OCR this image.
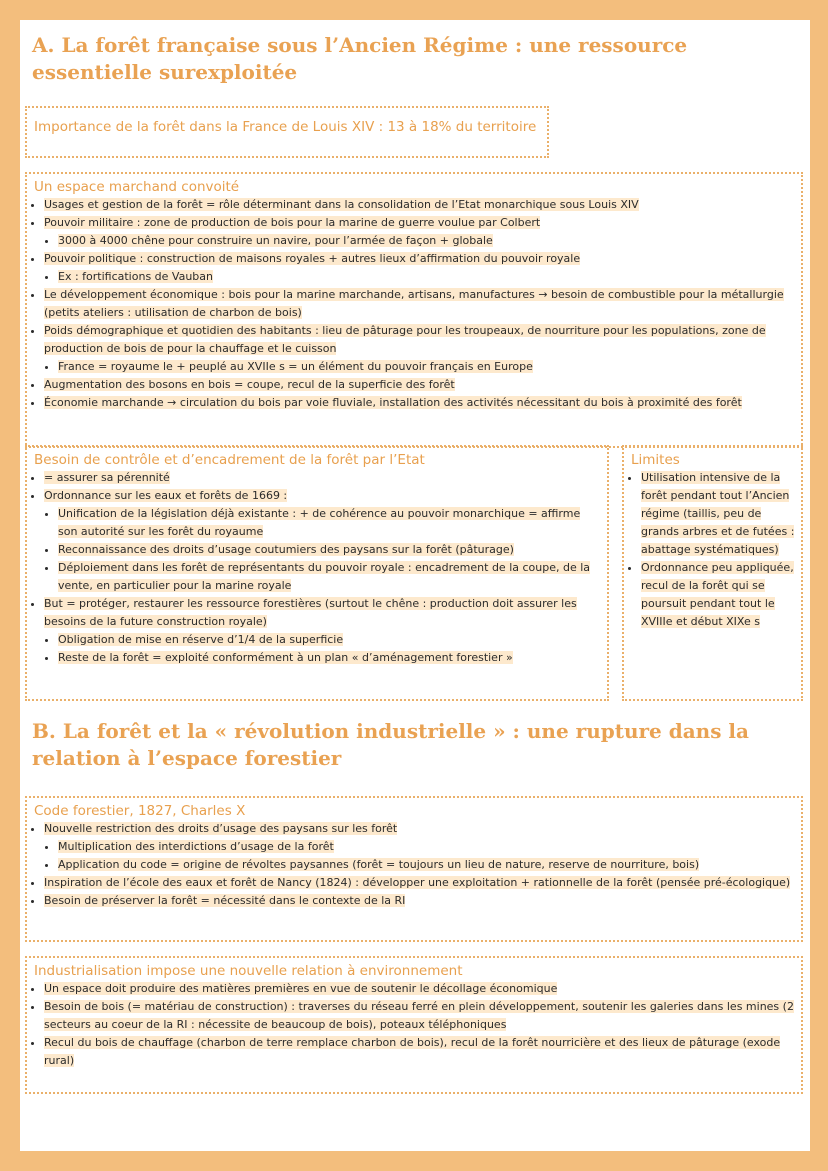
A. La forêt française sous l’Ancien Régime : une ressource essentielle surexploitée
Importance de la forêt dans la France de Louis XIV : 13 à 18% du territoire
Un espace marchand convoité
• Usages et gestion de la forêt = rôle déterminant dans la consolidation de l’Etat monarchique sous Louis XIV
• Pouvoir militaire : zone de production de bois pour la marine de guerre voulue par Colbert
• 3000 à 4000 chêne pour construire un navire, pour l’armée de façon + globale
• Pouvoir politique : construction de maisons royales + autres lieux d’affirmation du pouvoir royale
• Ex : fortifications de Vauban
• Le développement économique : bois pour la marine marchande, artisans, manufactures → besoin de combustible pour la métallurgie (petits ateliers : utilisation de charbon de bois)
• Poids démographique et quotidien des habitants : lieu de pâturage pour les troupeaux, de nourriture pour les populations, zone de production de bois de pour la chauffage et le cuisson
• France = royaume le + peuplé au XVIIe s = un élément du pouvoir français en Europe
• Augmentation des bosons en bois = coupe, recul de la superficie des forêt
• Économie marchande → circulation du bois par voie fluviale, installation des activités nécessitant du bois à proximité des forêt
Besoin de contrôle et d’encadrement de la forêt par l’Etat
• = assurer sa pérennité
• Ordonnance sur les eaux et forêts de 1669 :
• Unification de la législation déjà existante : + de cohérence au pouvoir monarchique = affirme son autorité sur les forêt du royaume
• Reconnaissance des droits d’usage coutumiers des paysans sur la forêt (pâturage)
• Déploiement dans les forêt de représentants du pouvoir royale : encadrement de la coupe, de la vente, en particulier pour la marine royale
• But = protéger, restaurer les ressource forestières (surtout le chêne : production doit assurer les besoins de la future construction royale)
• Obligation de mise en réserve d’1/4 de la superficie
• Reste de la forêt = exploité conformément à un plan « d’aménagement forestier »
Limites
• Utilisation intensive de la forêt pendant tout l’Ancien régime (taillis, peu de grands arbres et de futées : abattage systématiques)
• Ordonnance peu appliquée, recul de la forêt qui se poursuit pendant tout le XVIIIe et début XIXe s
B. La forêt et la « révolution industrielle » : une rupture dans la relation à l’espace forestier
Code forestier, 1827, Charles X
• Nouvelle restriction des droits d’usage des paysans sur les forêt
• Multiplication des interdictions d’usage de la forêt
• Application du code = origine de révoltes paysannes (forêt = toujours un lieu de nature, reserve de nourriture, bois)
• Inspiration de l’école des eaux et forêt de Nancy (1824) : développer une exploitation + rationnelle de la forêt (pensée pré-écologique)
• Besoin de préserver la forêt = nécessité dans le contexte de la RI
Industrialisation impose une nouvelle relation à environnement
• Un espace doit produire des matières premières en vue de soutenir le décollage économique
• Besoin de bois (= matériau de construction) : traverses du réseau ferré en plein développement, soutenir les galeries dans les mines (2 secteurs au coeur de la RI : nécessite de beaucoup de bois), poteaux téléphoniques
• Recul du bois de chauffage (charbon de terre remplace charbon de bois), recul de la forêt nourricière et des lieux de pâturage (exode rural)
